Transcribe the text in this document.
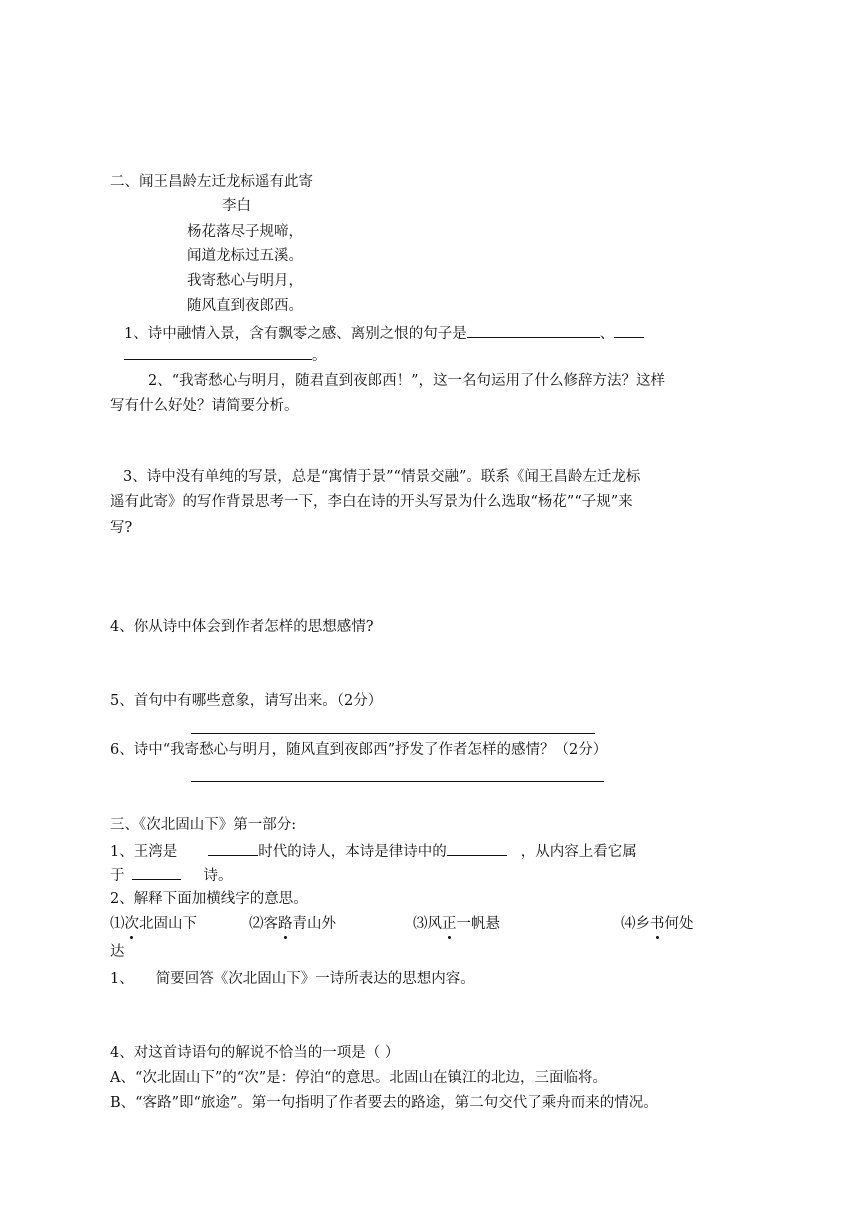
二、闻王昌龄左迁龙标遥有此寄
李白
杨花落尽子规啼，
闻道龙标过五溪。
我寄愁心与明月，
随风直到夜郎西。
1、诗中融情入景，含有飘零之感、离别之恨的句子是	、
。
2、“我寄愁心与明月，随君直到夜郎西！”，这一名句运用了什么修辞方法？这样
写有什么好处？请简要分析。
3、诗中没有单纯的写景，总是“寓情于景”“情景交融”。联系《闻王昌龄左迁龙标
遥有此寄》的写作背景思考一下，李白在诗的开头写景为什么选取“杨花”“子规”来
写?
4、你从诗中体会到作者怎样的思想感情?
5、首句中有哪些意象，请写出来。（2分）
6、诗中“我寄愁心与明月，随风直到夜郎西”抒发了作者怎样的感情？（2分）
三、《次北固山下》第一部分:
1、王湾是	时代的诗人，本诗是律诗中的	，从内容上看它属
于	诗。
2、解释下面加横线字的意思。
⑴次北固山下	⑵客路青山外	⑶风正一帆悬	⑷乡书何处
达
1、 简要回答《次北固山下》一诗所表达的思想内容。
4、对这首诗语句的解说不恰当的一项是（ ）
A、“次北固山下”的“次”是：停泊“的意思。北固山在镇江的北边，三面临将。
B、“客路”即“旅途”。第一句指明了作者要去的路途，第二句交代了乘舟而来的情况。
